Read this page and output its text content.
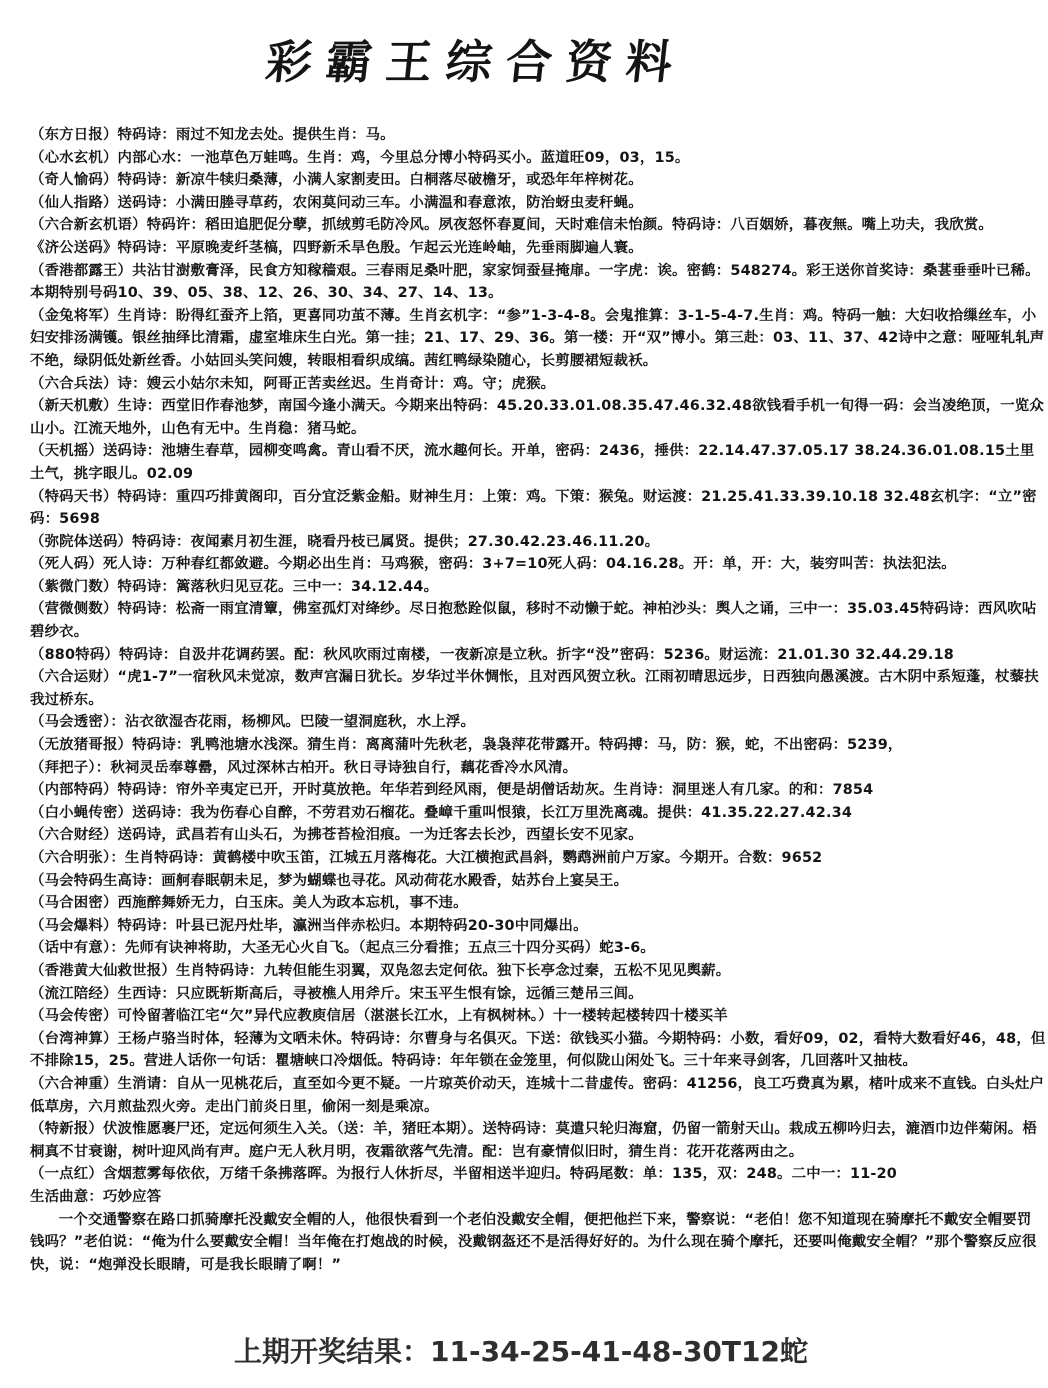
彩霸王综合资料

（东方日报）特码诗：雨过不知龙去处。提供生肖：马。

（心水玄机）内部心水：一池草色万蛙鸣。生肖：鸡，今里总分博小特码买小。蓝道旺09，03，15。

（奇人愉码）特码诗：新凉牛犊归桑薄，小满人家割麦田。白桐落尽破檐牙，或恐年年梓树花。

（仙人指路）送码诗：小满田塍寻草药，农闲莫问动三车。小满温和春意浓，防治蚜虫麦秆蝇。

（六合新玄机语）特码许：稻田追肥促分孽，抓绒剪毛防冷风。夙夜怒怀春夏间，天时难信未怡颜。特码诗：八百姻娇，暮夜無。嘴上功夫，我欣赏。

《济公送码》特码诗：平原晚麦纤茎槁，四野新禾旱色殷。乍起云光连岭岫，先垂雨脚遍人寰。

（香港都露王）共沾甘澍敷膏泽，民食方知稼穑艰。三春雨足桑叶肥，家家饲蚕昼掩扉。一字虎：诶。密鹤：548274。彩王送你首奖诗：桑葚垂垂叶已稀。本期特别号码10、39、05、38、12、26、30、34、27、14、13。

（金兔将军）生肖诗：盼得红蚕齐上箔，更喜同功茧不薄。生肖玄机字：“参”1-3-4-8。会鬼推算：3-1-5-4-7.生肖：鸡。特码一触：大妇收拾缫丝车，小妇安排汤满镬。银丝抽绎比清霜，虚室堆床生白光。第一挂；21、17、29、36。第一楼：开“双”博小。第三赴：03、11、37、42诗中之意：哑哑轧轧声不绝，绿阴低处新丝香。小姑回头笑问嫂，转眼相看织成缟。茜红鸭绿染随心，长剪腰裙短裁袄。

（六合兵法）诗：嫂云小姑尔未知，阿哥正苦卖丝迟。生肖奇计：鸡。守；虎猴。

（新天机敷）生诗：西堂旧作春池梦，南国今逢小满天。今期来出特码：45.20.33.01.08.35.47.46.32.48欲钱看手机一旬得一码：会当凌绝顶，一览众山小。江流天地外，山色有无中。生肖稳：猪马蛇。

（天机摇）送码诗：池塘生春草，园柳变鸣禽。青山看不厌，流水趣何长。开单，密码：2436，捶供：22.14.47.37.05.17 38.24.36.01.08.15土里土气，挑字眼儿。02.09

（特码天书）特码诗：重四巧排黄阁印，百分宜泛紫金船。财神生月：上策：鸡。下策：猴兔。财运渡：21.25.41.33.39.10.18 32.48玄机字：“立”密码：5698

（弥院体送码）特码诗：夜闻素月初生涯，晓看丹枝已属贤。提供；27.30.42.23.46.11.20。

（死人码）死人诗：万种春红都敛避。今期必出生肖：马鸡猴，密码：3+7=10死人码：04.16.28。开：单，开：大，装穷叫苦：执法犯法。

（紫微门数）特码诗：篱落秋归见豆花。三中一：34.12.44。

（营微侧数）特码诗：松斋一雨宜清簟，佛室孤灯对绛纱。尽日抱愁跧似鼠，移时不动懒于蛇。神柏沙头：舆人之诵，三中一：35.03.45特码诗：西风吹呫碧纱衣。

（880特码）特码诗：自汲井花调药罢。配：秋风吹雨过南楼，一夜新凉是立秋。折字“没”密码：5236。财运流：21.01.30 32.44.29.18

（六合运财）“虎1-7”一宿秋风未觉凉，数声宫漏日犹长。岁华过半休惆怅，且对西风贺立秋。江雨初晴思远步，日西独向愚溪渡。古木阴中系短蓬，杖藜扶我过桥东。

（马会透密）：沾衣欲湿杏花雨，杨柳风。巴陵一望洞庭秋，水上浮。

（无放猪哥报）特码诗：乳鸭池塘水浅深。猜生肖：离离蒲叶先秋老，袅袅萍花带露开。特码搏：马，防：猴，蛇，不出密码：5239，

（拜把子）：秋祠灵岳奉尊罍，风过深林古柏开。秋日寻诗独自行，藕花香冷水风清。

（内部特码）特码诗：帘外辛夷定已开，开时莫放艳。年华若到经风雨，便是胡僧话劫灰。生肖诗：洞里迷人有几家。的和：7854

（白小蝇传密）送码诗：我为伤春心自醉，不劳君劝石榴花。叠嶂千重叫恨猿，长江万里洗离魂。提供：41.35.22.27.42.34

（六合财经）送码诗，武昌若有山头石，为拂苍苔检泪痕。一为迁客去长沙，西望长安不见家。

（六合明张）：生肖特码诗：黄鹤楼中吹玉笛，江城五月落梅花。大江横抱武昌斜，鹦鹉洲前户万家。今期开。合数：9652

（马会特码生高诗：画舸春眠朝未足，梦为蝴蝶也寻花。风动荷花水殿香，姑苏台上宴吴王。

（马合困密）西施醉舞娇无力，白玉床。美人为政本忘机，事不违。

（马会爆料）特码诗：叶县已泥丹灶毕，瀛洲当伴赤松归。本期特码20-30中同爆出。

（话中有意）：先师有诀神将助，大圣无心火自飞。（起点三分看推；五点三十四分买码）蛇3-6。

（香港黄大仙救世报）生肖特码诗：九转但能生羽翼，双凫忽去定何依。独下长亭念过秦，五松不见见舆薪。

（流江陪经）生西诗：只应既斩斯高后，寻被樵人用斧斤。宋玉平生恨有馀，远循三楚吊三闾。

（马会传密）可怜留著临江宅“欠”异代应教庾信居（湛湛长江水，上有枫树林。）十一楼转起楼转四十楼买羊

（台湾神算）王杨卢骆当时体，轻薄为文哂未休。特码诗：尔曹身与名俱灭。下送：欲钱买小猫。今期特码：小数，看好09，02，看特大数看好46，48，但不排除15，25。营进人话你一句话：瞿塘峡口冷烟低。特码诗：年年锁在金笼里，何似陇山闲处飞。三十年来寻剑客，几回落叶又抽枝。

（六合神重）生消请：自从一见桃花后，直至如今更不疑。一片琼英价动天，连城十二昔虚传。密码：41256，良工巧费真为累，楮叶成来不直钱。白头灶户低草房，六月煎盐烈火旁。走出门前炎日里，偷闲一刻是乘凉。

（特新报）伏波惟愿裹尸还，定远何须生入关。（送：羊，猪旺本期）。送特码诗：莫遣只轮归海窟，仍留一箭射天山。栽成五柳吟归去，漉酒巾边伴菊闲。梧桐真不甘衰谢，树叶迎风尚有声。庭户无人秋月明，夜霜欲落气先清。配：岂有豪情似旧时，猜生肖：花开花落两由之。

（一点红）含烟惹雾每依依，万绪千条拂落晖。为报行人休折尽，半留相送半迎归。特码尾数：单：135，双：248。二中一：11-20

生活曲意：巧妙应答

一个交通警察在路口抓骑摩托没戴安全帽的人，他很快看到一个老伯没戴安全帽，便把他拦下来，警察说：“老伯！您不知道现在骑摩托不戴安全帽要罚钱吗？”老伯说：“俺为什么要戴安全帽！当年俺在打炮战的时候，没戴钢盔还不是活得好好的。为什么现在骑个摩托，还要叫俺戴安全帽？”那个警察反应很快，说：“炮弹没长眼睛，可是我长眼睛了啊！”

上期开奖结果：11-34-25-41-48-30T12蛇
